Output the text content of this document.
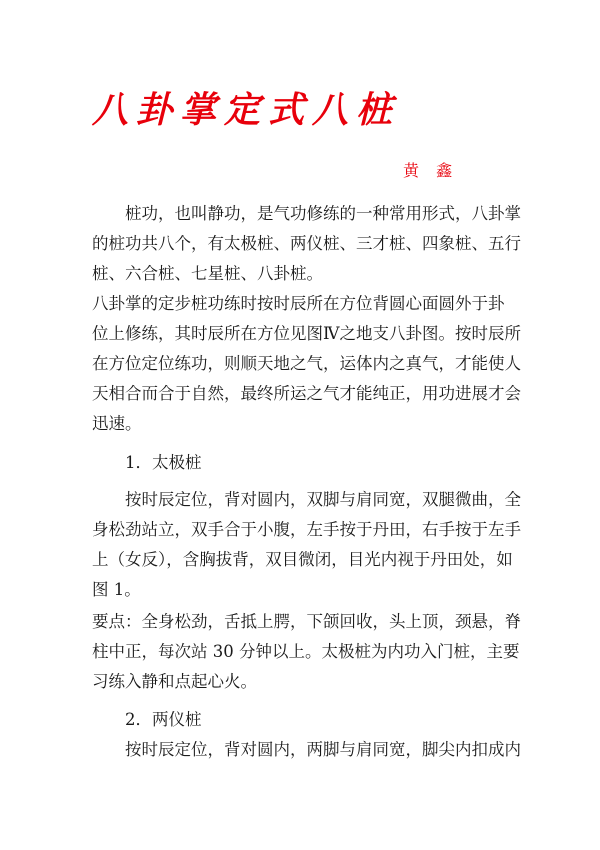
八卦掌定式八桩
黄 鑫
　　桩功，也叫静功，是气功修练的一种常用形式，八卦掌
的桩功共八个，有太极桩、两仪桩、三才桩、四象桩、五行
桩、六合桩、七星桩、八卦桩。
八卦掌的定步桩功练时按时辰所在方位背圆心面圆外于卦
位上修练，其时辰所在方位见图Ⅳ之地支八卦图。按时辰所
在方位定位练功，则顺天地之气，运体内之真气，才能使人
天相合而合于自然，最终所运之气才能纯正，用功进展才会
迅速。
　　1．太极桩
　　按时辰定位，背对圆内，双脚与肩同宽，双腿微曲，全
身松劲站立，双手合于小腹，左手按于丹田，右手按于左手
上（女反），含胸拔背，双目微闭，目光内视于丹田处，如
图 1。
要点：全身松劲，舌抵上腭，下颌回收，头上顶，颈悬，脊
柱中正，每次站 30 分钟以上。太极桩为内功入门桩，主要
习练入静和点起心火。
　　2．两仪桩
　　按时辰定位，背对圆内，两脚与肩同宽，脚尖内扣成内
